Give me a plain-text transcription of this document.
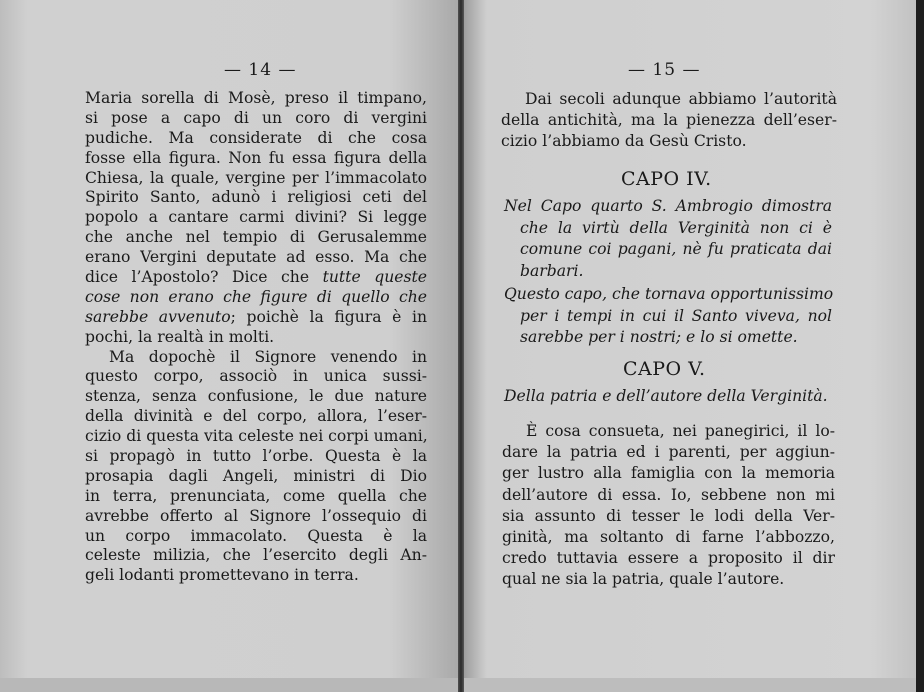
— 14 —
Maria sorella di Mosè, preso il timpano,
si pose a capo di un coro di vergini
pudiche. Ma considerate di che cosa
fosse ella figura. Non fu essa figura della
Chiesa, la quale, vergine per l’immacolato
Spirito Santo, adunò i religiosi ceti del
popolo a cantare carmi divini? Si legge
che anche nel tempio di Gerusalemme
erano Vergini deputate ad esso. Ma che
dice l’Apostolo? Dice che tutte queste
cose non erano che figure di quello che
sarebbe avvenuto; poichè la figura è in
pochi, la realtà in molti.
Ma dopochè il Signore venendo in
questo corpo, associò in unica sussi-
stenza, senza confusione, le due nature
della divinità e del corpo, allora, l’eser-
cizio di questa vita celeste nei corpi umani,
si propagò in tutto l’orbe. Questa è la
prosapia dagli Angeli, ministri di Dio
in terra, prenunciata, come quella che
avrebbe offerto al Signore l’ossequio di
un corpo immacolato. Questa è la
celeste milizia, che l’esercito degli An-
geli lodanti promettevano in terra.
— 15 —
Dai secoli adunque abbiamo l’autorità
della antichità, ma la pienezza dell’eser-
cizio l’abbiamo da Gesù Cristo.
CAPO IV.
Nel Capo quarto S. Ambrogio dimostra
che la virtù della Verginità non ci è
comune coi pagani, nè fu praticata dai
barbari.
Questo capo, che tornava opportunissimo
per i tempi in cui il Santo viveva, nol
sarebbe per i nostri; e lo si omette.
CAPO V.
Della patria e dell’autore della Verginità.
È cosa consueta, nei panegirici, il lo-
dare la patria ed i parenti, per aggiun-
ger lustro alla famiglia con la memoria
dell’autore di essa. Io, sebbene non mi
sia assunto di tesser le lodi della Ver-
ginità, ma soltanto di farne l’abbozzo,
credo tuttavia essere a proposito il dir
qual ne sia la patria, quale l’autore.
